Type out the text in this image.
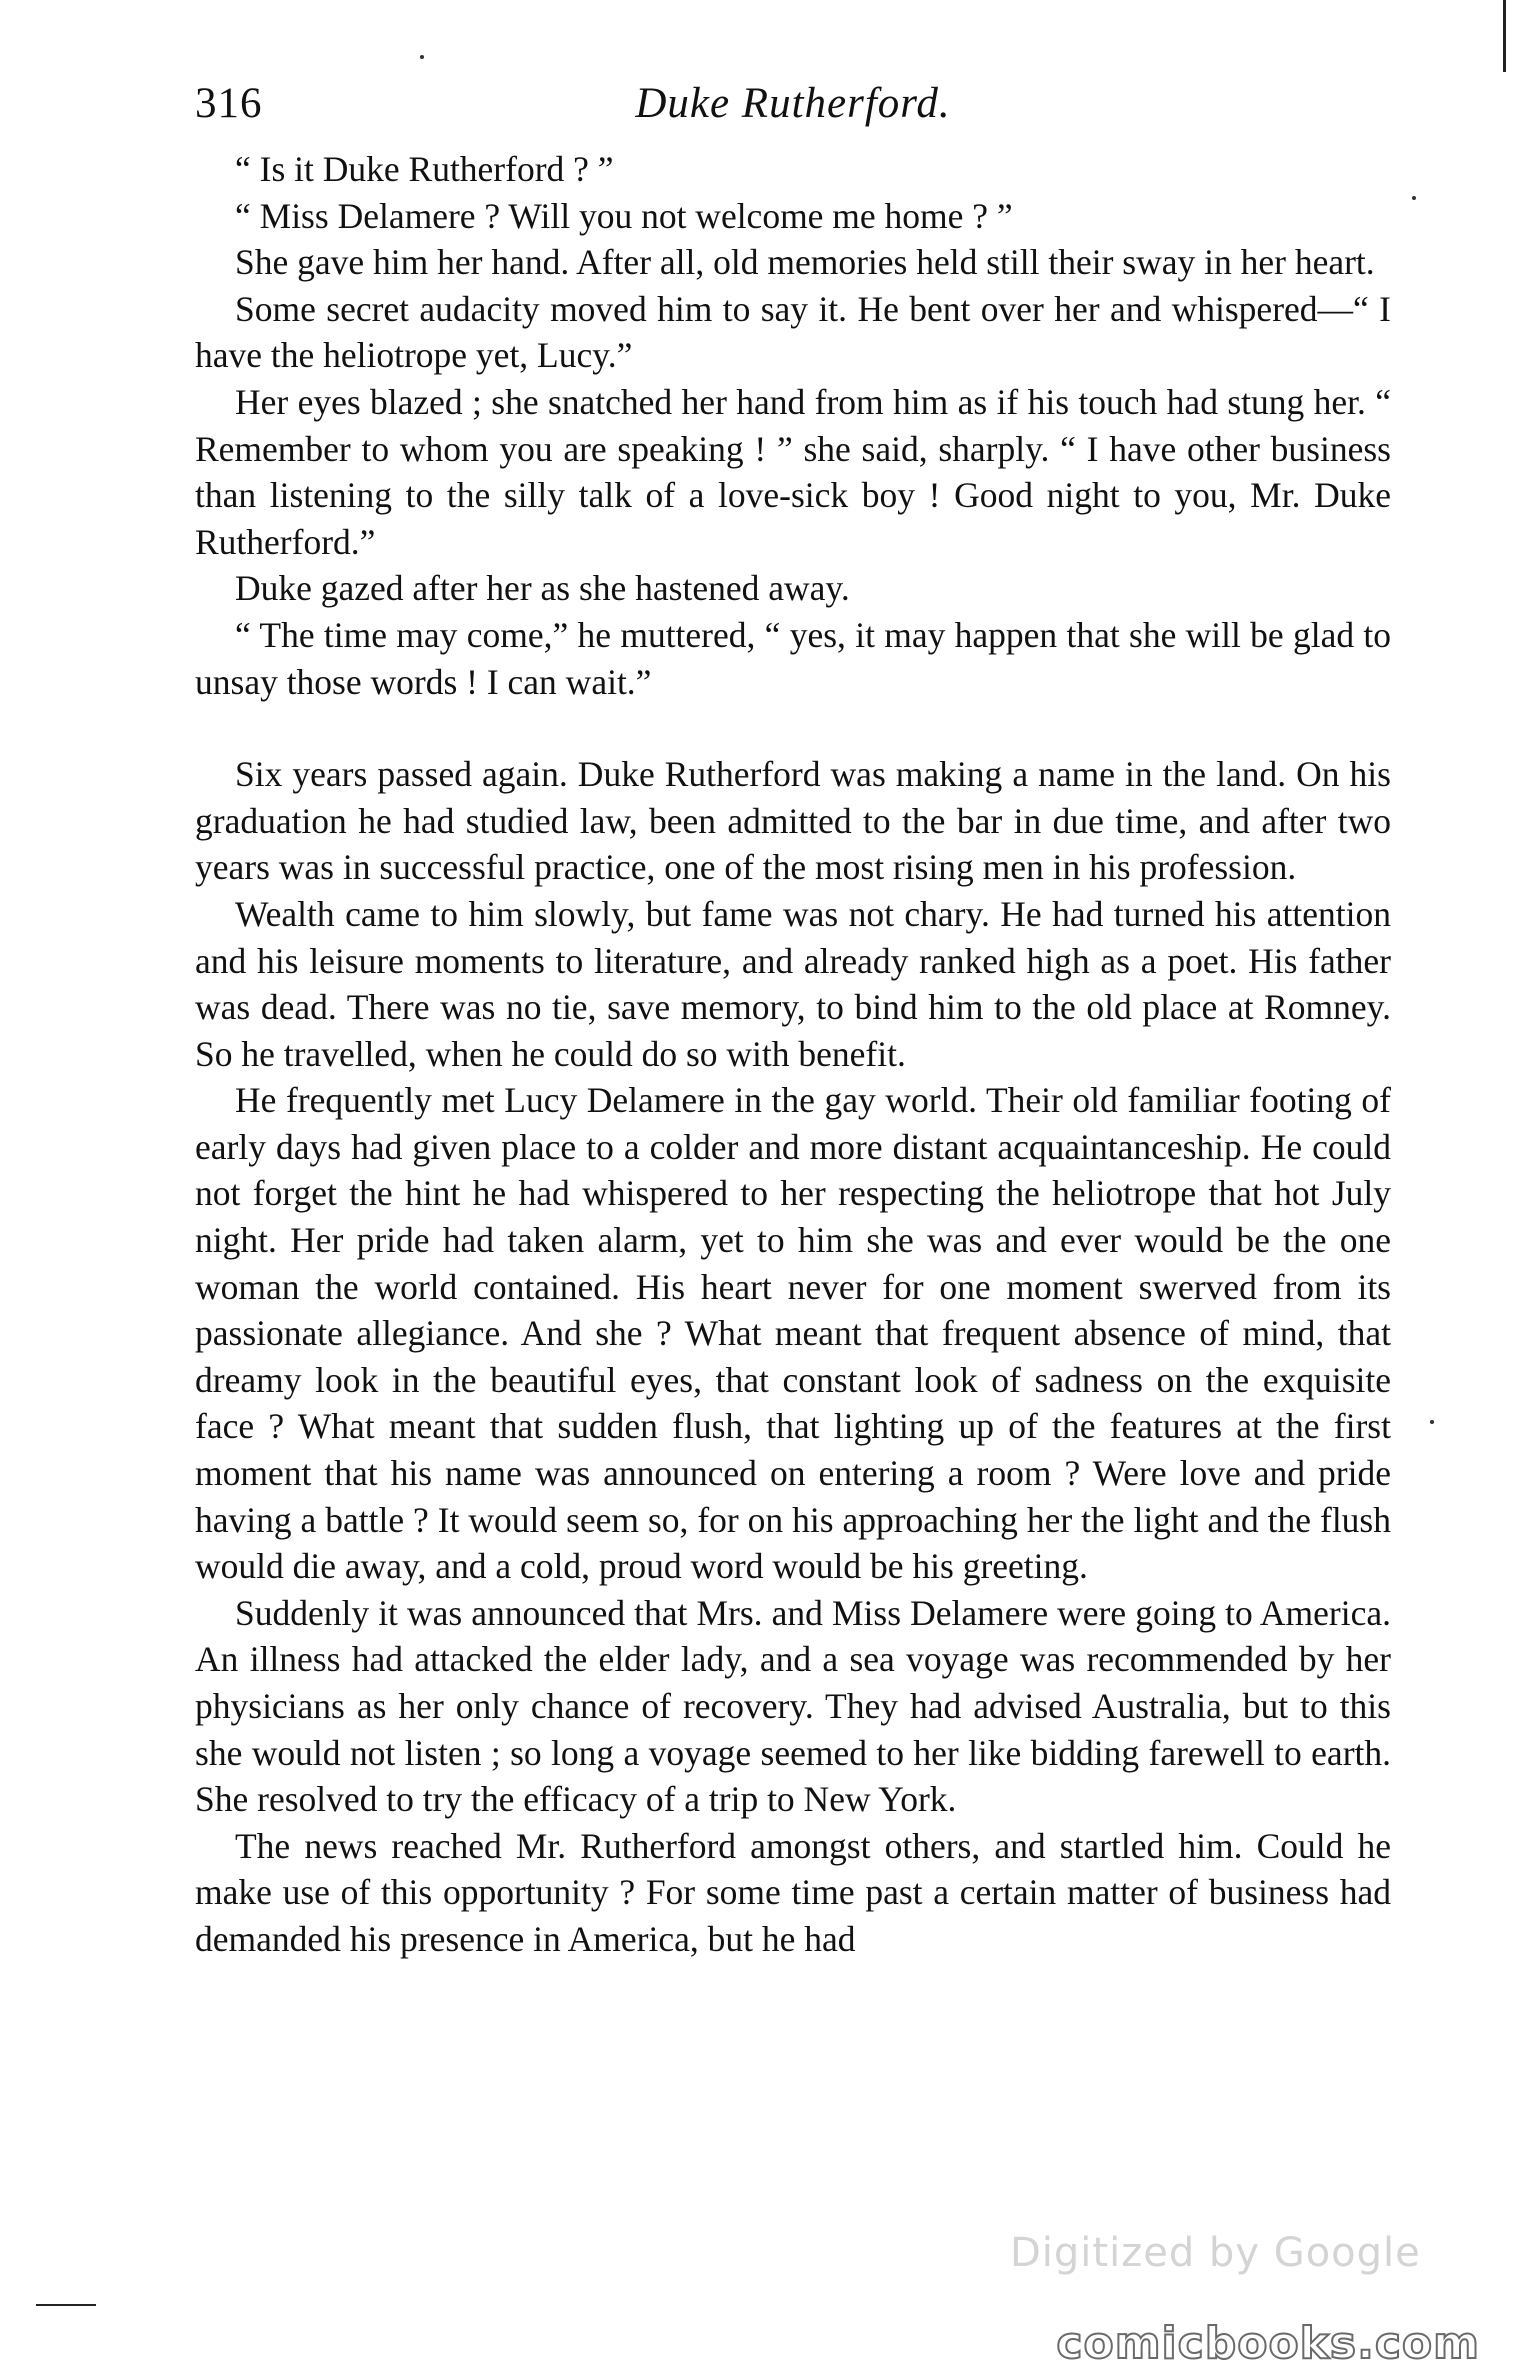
316	Duke Rutherford.

“ Is it Duke Rutherford ? ”

“ Miss Delamere ? Will you not welcome me home ? ”

She gave him her hand. After all, old memories held still their sway in her heart.

Some secret audacity moved him to say it. He bent over her and whispered—“ I have the heliotrope yet, Lucy.”

Her eyes blazed ; she snatched her hand from him as if his touch had stung her. “ Remember to whom you are speaking ! ” she said, sharply. “ I have other business than listening to the silly talk of a love-sick boy ! Good night to you, Mr. Duke Rutherford.”

Duke gazed after her as she hastened away.

“ The time may come,” he muttered, “ yes, it may happen that she will be glad to unsay those words ! I can wait.”

Six years passed again. Duke Rutherford was making a name in the land. On his graduation he had studied law, been admitted to the bar in due time, and after two years was in successful practice, one of the most rising men in his profession.

Wealth came to him slowly, but fame was not chary. He had turned his attention and his leisure moments to literature, and already ranked high as a poet. His father was dead. There was no tie, save memory, to bind him to the old place at Romney. So he travelled, when he could do so with benefit.

He frequently met Lucy Delamere in the gay world. Their old familiar footing of early days had given place to a colder and more distant acquaintanceship. He could not forget the hint he had whispered to her respecting the heliotrope that hot July night. Her pride had taken alarm, yet to him she was and ever would be the one woman the world contained. His heart never for one moment swerved from its passionate allegiance. And she ? What meant that frequent absence of mind, that dreamy look in the beautiful eyes, that constant look of sadness on the exquisite face ? What meant that sudden flush, that lighting up of the features at the first moment that his name was announced on entering a room ? Were love and pride having a battle ? It would seem so, for on his approaching her the light and the flush would die away, and a cold, proud word would be his greeting.

Suddenly it was announced that Mrs. and Miss Delamere were going to America. An illness had attacked the elder lady, and a sea voyage was recommended by her physicians as her only chance of recovery. They had advised Australia, but to this she would not listen ; so long a voyage seemed to her like bidding farewell to earth. She resolved to try the efficacy of a trip to New York.

The news reached Mr. Rutherford amongst others, and startled him. Could he make use of this opportunity ? For some time past a certain matter of business had demanded his presence in America, but he had

Digitized by Google
comicbooks.com
